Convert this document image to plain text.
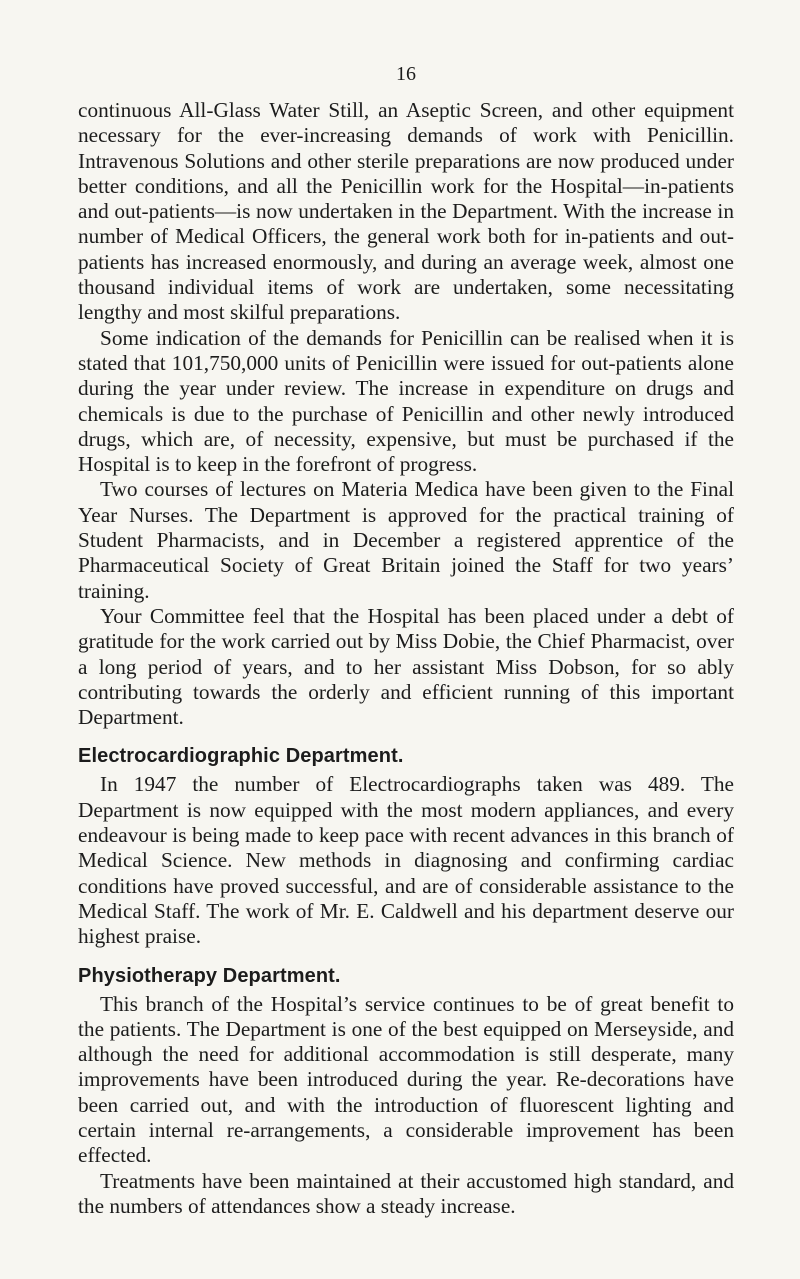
16

continuous All-Glass Water Still, an Aseptic Screen, and other equipment necessary for the ever-increasing demands of work with Penicillin. Intravenous Solutions and other sterile preparations are now produced under better conditions, and all the Penicillin work for the Hospital—in-patients and out-patients—is now undertaken in the Department. With the increase in number of Medical Officers, the general work both for in-patients and out-patients has increased enormously, and during an average week, almost one thousand individual items of work are undertaken, some necessitating lengthy and most skilful preparations.

Some indication of the demands for Penicillin can be realised when it is stated that 101,750,000 units of Penicillin were issued for out-patients alone during the year under review. The increase in expenditure on drugs and chemicals is due to the purchase of Penicillin and other newly introduced drugs, which are, of necessity, expensive, but must be purchased if the Hospital is to keep in the forefront of progress.

Two courses of lectures on Materia Medica have been given to the Final Year Nurses. The Department is approved for the practical training of Student Pharmacists, and in December a registered apprentice of the Pharmaceutical Society of Great Britain joined the Staff for two years’ training.

Your Committee feel that the Hospital has been placed under a debt of gratitude for the work carried out by Miss Dobie, the Chief Pharmacist, over a long period of years, and to her assistant Miss Dobson, for so ably contributing towards the orderly and efficient running of this important Department.

Electrocardiographic Department.

In 1947 the number of Electrocardiographs taken was 489. The Department is now equipped with the most modern appliances, and every endeavour is being made to keep pace with recent advances in this branch of Medical Science. New methods in diagnosing and confirming cardiac conditions have proved successful, and are of considerable assistance to the Medical Staff. The work of Mr. E. Caldwell and his department deserve our highest praise.

Physiotherapy Department.

This branch of the Hospital’s service continues to be of great benefit to the patients. The Department is one of the best equipped on Merseyside, and although the need for additional accommodation is still desperate, many improvements have been introduced during the year. Re-decorations have been carried out, and with the introduction of fluorescent lighting and certain internal re-arrangements, a considerable improvement has been effected.

Treatments have been maintained at their accustomed high standard, and the numbers of attendances show a steady increase.
